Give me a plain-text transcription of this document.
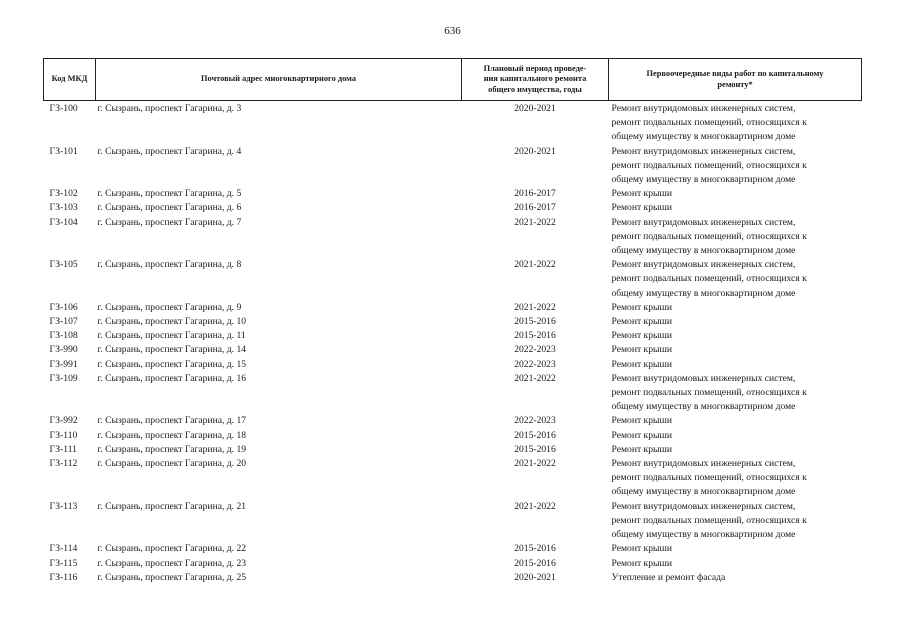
636
Код МКД	Почтовый адрес многоквартирного дома	Плановый период проведе-
ния капитального ремонта
общего имущества, годы	Первоочередные виды работ по капитальному
ремонту*

ГЗ-100	г. Сызрань, проспект Гагарина, д. 3	2020-2021	Ремонт внутридомовых инженерных систем,
ремонт подвальных помещений, относящихся к
общему имуществу в многоквартирном доме

ГЗ-101	г. Сызрань, проспект Гагарина, д. 4	2020-2021	Ремонт внутридомовых инженерных систем,
ремонт подвальных помещений, относящихся к
общему имуществу в многоквартирном доме

ГЗ-102	г. Сызрань, проспект Гагарина, д. 5	2016-2017	Ремонт крыши

ГЗ-103	г. Сызрань, проспект Гагарина, д. 6	2016-2017	Ремонт крыши

ГЗ-104	г. Сызрань, проспект Гагарина, д. 7	2021-2022	Ремонт внутридомовых инженерных систем,
ремонт подвальных помещений, относящихся к
общему имуществу в многоквартирном доме

ГЗ-105	г. Сызрань, проспект Гагарина, д. 8	2021-2022	Ремонт внутридомовых инженерных систем,
ремонт подвальных помещений, относящихся к
общему имуществу в многоквартирном доме

ГЗ-106	г. Сызрань, проспект Гагарина, д. 9	2021-2022	Ремонт крыши

ГЗ-107	г. Сызрань, проспект Гагарина, д. 10	2015-2016	Ремонт крыши

ГЗ-108	г. Сызрань, проспект Гагарина, д. 11	2015-2016	Ремонт крыши

ГЗ-990	г. Сызрань, проспект Гагарина, д. 14	2022-2023	Ремонт крыши

ГЗ-991	г. Сызрань, проспект Гагарина, д. 15	2022-2023	Ремонт крыши

ГЗ-109	г. Сызрань, проспект Гагарина, д. 16	2021-2022	Ремонт внутридомовых инженерных систем,
ремонт подвальных помещений, относящихся к
общему имуществу в многоквартирном доме

ГЗ-992	г. Сызрань, проспект Гагарина, д. 17	2022-2023	Ремонт крыши

ГЗ-110	г. Сызрань, проспект Гагарина, д. 18	2015-2016	Ремонт крыши

ГЗ-111	г. Сызрань, проспект Гагарина, д. 19	2015-2016	Ремонт крыши

ГЗ-112	г. Сызрань, проспект Гагарина, д. 20	2021-2022	Ремонт внутридомовых инженерных систем,
ремонт подвальных помещений, относящихся к
общему имуществу в многоквартирном доме

ГЗ-113	г. Сызрань, проспект Гагарина, д. 21	2021-2022	Ремонт внутридомовых инженерных систем,
ремонт подвальных помещений, относящихся к
общему имуществу в многоквартирном доме

ГЗ-114	г. Сызрань, проспект Гагарина, д. 22	2015-2016	Ремонт крыши

ГЗ-115	г. Сызрань, проспект Гагарина, д. 23	2015-2016	Ремонт крыши

ГЗ-116	г. Сызрань, проспект Гагарина, д. 25	2020-2021	Утепление и ремонт фасада
